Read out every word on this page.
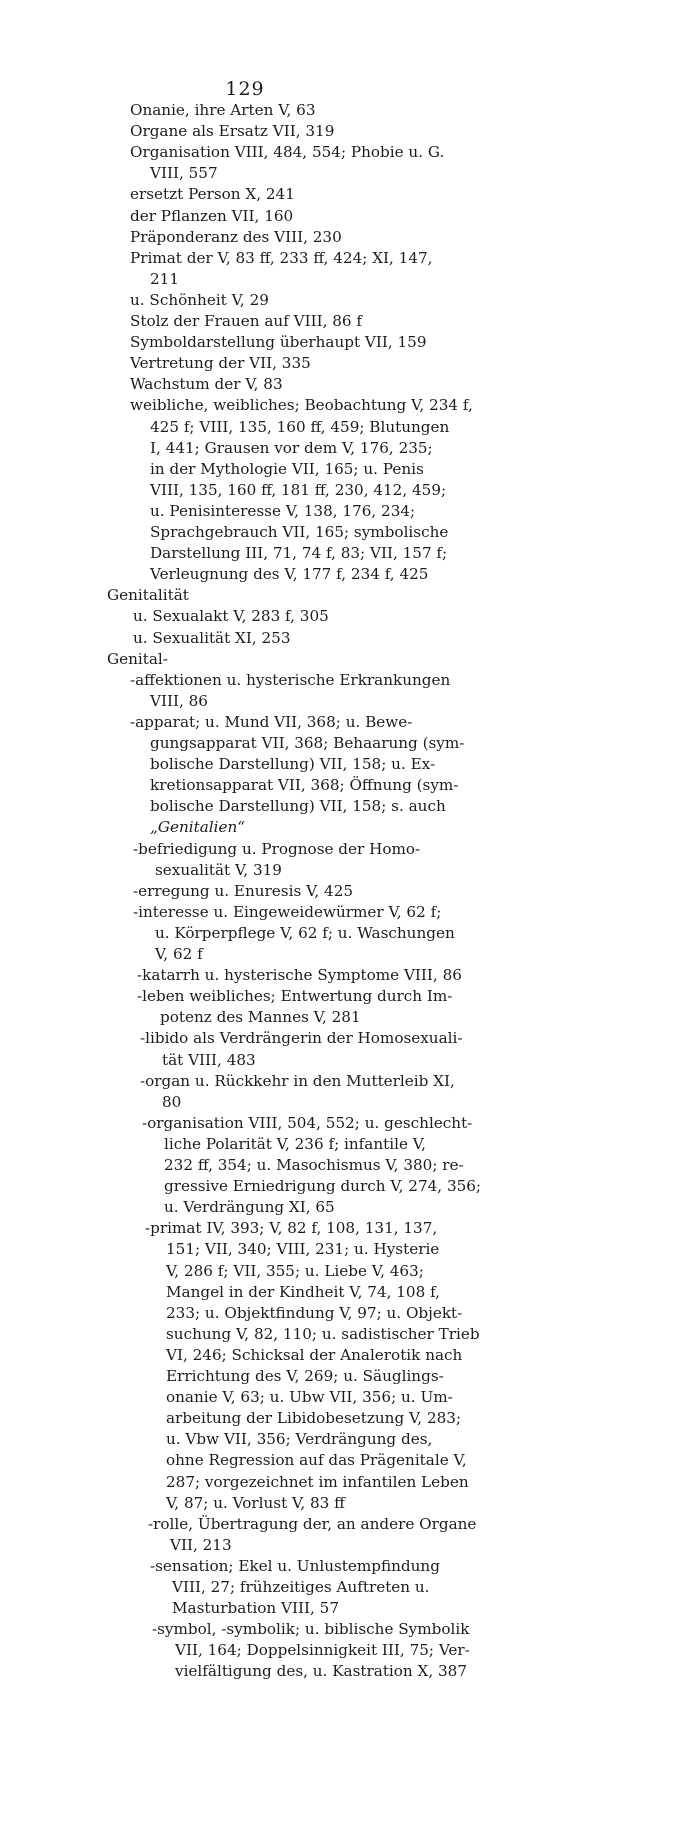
129
Onanie, ihre Arten V, 63
Organe als Ersatz VII, 319
Organisation VIII, 484, 554; Phobie u. G.
VIII, 557
ersetzt Person X, 241
der Pflanzen VII, 160
Präponderanz des VIII, 230
Primat der V, 83 ff, 233 ff, 424; XI, 147,
211
u. Schönheit V, 29
Stolz der Frauen auf VIII, 86 f
Symboldarstellung überhaupt VII, 159
Vertretung der VII, 335
Wachstum der V, 83
weibliche, weibliches; Beobachtung V, 234 f,
425 f; VIII, 135, 160 ff, 459; Blutungen
I, 441; Grausen vor dem V, 176, 235;
in der Mythologie VII, 165; u. Penis
VIII, 135, 160 ff, 181 ff, 230, 412, 459;
u. Penisinteresse V, 138, 176, 234;
Sprachgebrauch VII, 165; symbolische
Darstellung III, 71, 74 f, 83; VII, 157 f;
Verleugnung des V, 177 f, 234 f, 425
Genitalität
u. Sexualakt V, 283 f, 305
u. Sexualität XI, 253
Genital-
-affektionen u. hysterische Erkrankungen
VIII, 86
-apparat; u. Mund VII, 368; u. Bewe-
gungsapparat VII, 368; Behaarung (sym-
bolische Darstellung) VII, 158; u. Ex-
kretionsapparat VII, 368; Öffnung (sym-
bolische Darstellung) VII, 158; s. auch
„Genitalien“
-befriedigung u. Prognose der Homo-
sexualität V, 319
-erregung u. Enuresis V, 425
-interesse u. Eingeweidewürmer V, 62 f;
u. Körperpflege V, 62 f; u. Waschungen
V, 62 f
-katarrh u. hysterische Symptome VIII, 86
-leben weibliches; Entwertung durch Im-
potenz des Mannes V, 281
-libido als Verdrängerin der Homosexuali-
tät VIII, 483
-organ u. Rückkehr in den Mutterleib XI,
80
-organisation VIII, 504, 552; u. geschlecht-
liche Polarität V, 236 f; infantile V,
232 ff, 354; u. Masochismus V, 380; re-
gressive Erniedrigung durch V, 274, 356;
u. Verdrängung XI, 65
-primat IV, 393; V, 82 f, 108, 131, 137,
151; VII, 340; VIII, 231; u. Hysterie
V, 286 f; VII, 355; u. Liebe V, 463;
Mangel in der Kindheit V, 74, 108 f,
233; u. Objektfindung V, 97; u. Objekt-
suchung V, 82, 110; u. sadistischer Trieb
VI, 246; Schicksal der Analerotik nach
Errichtung des V, 269; u. Säuglings-
onanie V, 63; u. Ubw VII, 356; u. Um-
arbeitung der Libidobesetzung V, 283;
u. Vbw VII, 356; Verdrängung des,
ohne Regression auf das Prägenitale V,
287; vorgezeichnet im infantilen Leben
V, 87; u. Vorlust V, 83 ff
-rolle, Übertragung der, an andere Organe
VII, 213
-sensation; Ekel u. Unlustempfindung
VIII, 27; frühzeitiges Auftreten u.
Masturbation VIII, 57
-symbol, -symbolik; u. biblische Symbolik
VII, 164; Doppelsinnigkeit III, 75; Ver-
vielfältigung des, u. Kastration X, 387
